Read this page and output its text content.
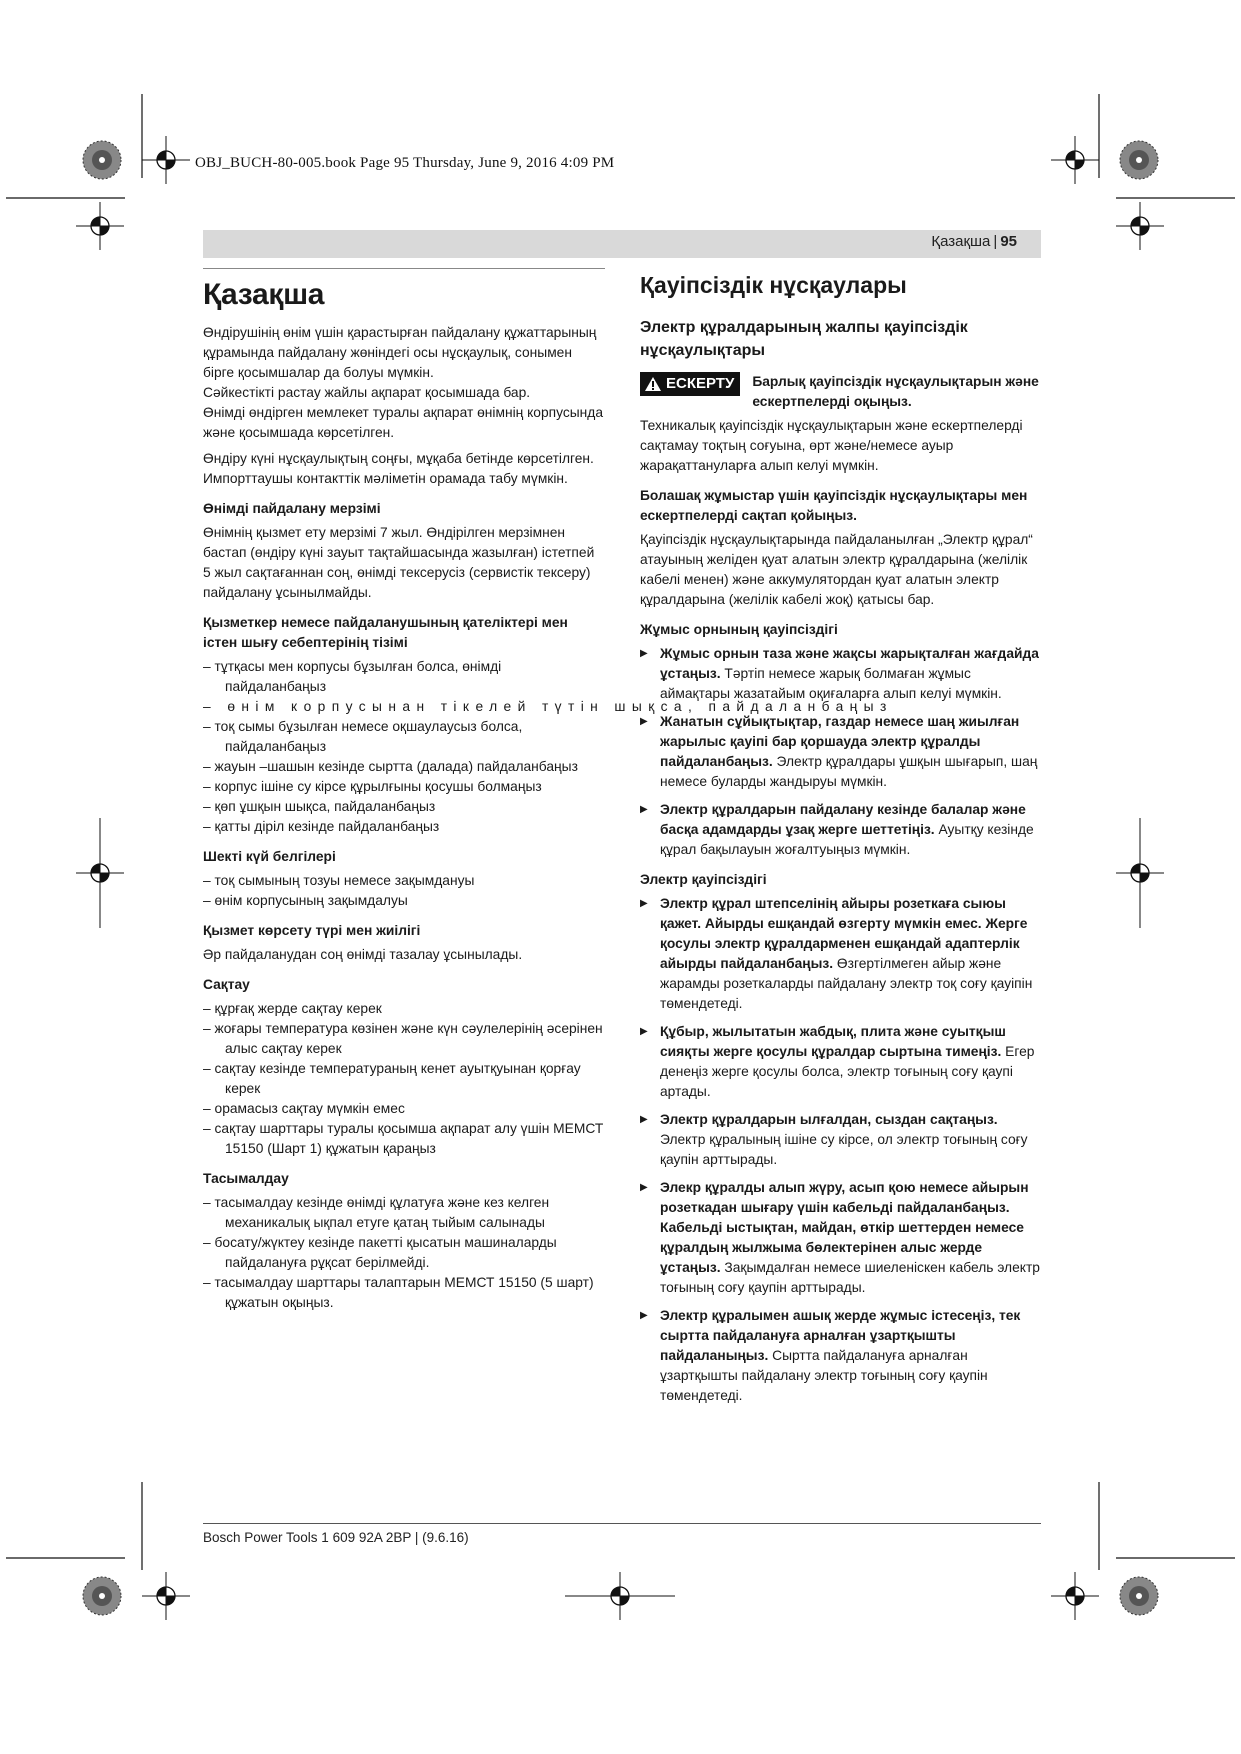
OBJ_BUCH-80-005.book Page 95 Thursday, June 9, 2016 4:09 PM
Қазақша | 95
Қазақша

Өндірушінің өнім үшін қарастырған пайдалану құжаттарының құрамында пайдалану жөніндегі осы нұсқаулық, сонымен бірге қосымшалар да болуы мүмкін.
Сәйкестікті растау жайлы ақпарат қосымшада бар.
Өнімді өндірген мемлекет туралы ақпарат өнімнің корпусында және қосымшада көрсетілген.

Өндіру күні нұсқаулықтың соңғы, мұқаба бетінде көрсетілген.
Импорттаушы контакттік мәліметін орамада табу мүмкін.

Өнімді пайдалану мерзімі

Өнімнің қызмет ету мерзімі 7 жыл. Өндірілген мерзімнен бастап (өндіру күні зауыт тақтайшасында жазылған) істетпей 5 жыл сақтағаннан соң, өнімді тексерусіз (сервистік тексеру) пайдалану ұсынылмайды.

Қызметкер немесе пайдаланушының қателіктері мен істен шығу себептерінің тізімі
– тұтқасы мен корпусы бұзылған болса, өнімді пайдаланбаңыз
– өнім корпусынан тікелей түтін шықса, пайдаланбаңыз
– тоқ сымы бұзылған немесе оқшаулаусыз болса, пайдаланбаңыз
– жауын –шашын кезінде сыртта (далада) пайдаланбаңыз
– корпус ішіне су кірсе құрылғыны қосушы болмаңыз
– қөп ұшқын шықса, пайдаланбаңыз
– қатты діріл кезінде пайдаланбаңыз
Шекті күй белгілері
– тоқ сымының тозуы немесе зақымдануы
– өнім корпусының зақымдалуы
Қызмет көрсету түрі мен жиілігі

Әр пайдаланудан соң өнімді тазалау ұсынылады.

Сақтау
– құрғақ жерде сақтау керек
– жоғары температура көзінен және күн сәулелерінің әсерінен алыс сақтау керек
– сақтау кезінде температураның кенет ауытқуынан қорғау керек
– орамасыз сақтау мүмкін емес
– сақтау шарттары туралы қосымша ақпарат алу үшін МЕМСТ 15150 (Шарт 1) құжатын қараңыз
Тасымалдау
– тасымалдау кезінде өнімді құлатуға және кез келген механикалық ықпал етуге қатаң тыйым салынады
– босату/жүктеу кезінде пакетті қысатын машиналарды пайдалануға рұқсат берілмейді.
– тасымалдау шарттары талаптарын МЕМСТ 15150 (5 шарт) құжатын оқыңыз.
Қауіпсіздік нұсқаулары
Электр құралдарының жалпы қауіпсіздік нұсқаулықтары
ЕСКЕРТУ Барлық қауіпсіздік нұсқаулықтарын және ескертпелерді оқыңыз.

Техникалық қауіпсіздік нұсқаулықтарын және ескертпелерді сақтамау тоқтың соғуына, өрт және/немесе ауыр жарақаттануларға алып келуі мүмкін.

Болашақ жұмыстар үшін қауіпсіздік нұсқаулықтары мен ескертпелерді сақтап қойыңыз.

Қауіпсіздік нұсқаулықтарында пайдаланылған „Электр құрал“ атауының желіден қуат алатын электр құралдарына (желілік кабелі менен) және аккумулятордан қуат алатын электр құралдарына (желілік кабелі жоқ) қатысы бар.

Жұмыс орнының қауіпсіздігі
▶ Жұмыс орнын таза және жақсы жарықталған жағдайда ұстаңыз. Тәртіп немесе жарық болмаған жұмыс аймақтары жазатайым оқиғаларға алып келуі мүмкін.
▶ Жанатын сұйықтықтар, газдар немесе шаң жиылған жарылыс қауіпі бар қоршауда электр құралды пайдаланбаңыз. Электр құралдары ұшқын шығарып, шаң немесе буларды жандыруы мүмкін.
▶ Электр құралдарын пайдалану кезінде балалар және басқа адамдарды ұзақ жерге шеттетіңіз. Ауытқу кезінде құрал бақылауын жоғалтуыңыз мүмкін.
Электр қауіпсіздігі
▶ Электр құрал штепселінің айыры розеткаға сыюы қажет. Айырды ешқандай өзгерту мүмкін емес. Жерге қосулы электр құралдарменен ешқандай адаптерлік айырды пайдаланбаңыз. Өзгертілмеген айыр және жарамды розеткаларды пайдалану электр тоқ соғу қауіпін төмендетеді.
▶ Құбыр, жылытатын жабдық, плита және суытқыш сияқты жерге қосулы құралдар сыртына тимеңіз. Егер денеңіз жерге қосулы болса, электр тоғының соғу қаупі артады.
▶ Электр құралдарын ылғалдан, сыздан сақтаңыз. Электр құралының ішіне су кірсе, ол электр тоғының соғу қаупін арттырады.
▶ Элекр құралды алып жүру, асып қою немесе айырын розеткадан шығару үшін кабельді пайдаланбаңыз. Кабельді ыстықтан, майдан, өткір шеттерден немесе құралдың жылжыма бөлектерінен алыс жерде ұстаңыз. Зақымдалған немесе шиеленіскен кабель электр тоғының соғу қаупін арттырады.
▶ Электр құралымен ашық жерде жұмыс істесеңіз, тек сыртта пайдалануға арналған ұзартқышты пайдаланыңыз. Сыртта пайдалануға арналған ұзартқышты пайдалану электр тоғының соғу қаупін төмендетеді.
Bosch Power Tools 1 609 92A 2BP | (9.6.16)
